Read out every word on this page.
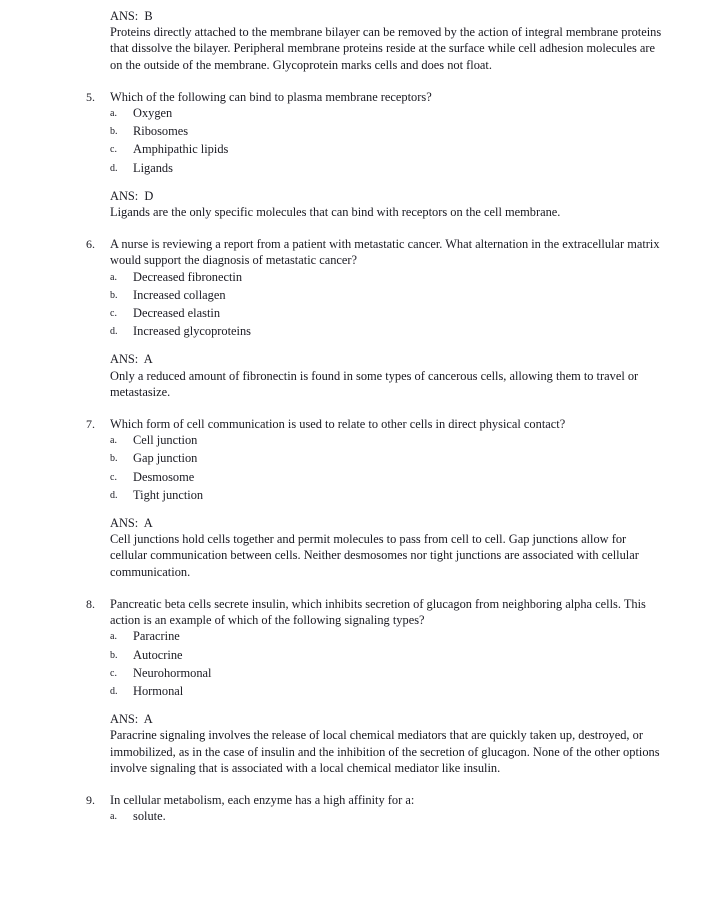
ANS:  B
Proteins directly attached to the membrane bilayer can be removed by the action of integral membrane proteins that dissolve the bilayer. Peripheral membrane proteins reside at the surface while cell adhesion molecules are on the outside of the membrane. Glycoprotein marks cells and does not float.
5.	Which of the following can bind to plasma membrane receptors?
a.	Oxygen
b.	Ribosomes
c.	Amphipathic lipids
d.	Ligands
ANS:  D
Ligands are the only specific molecules that can bind with receptors on the cell membrane.
6.	A nurse is reviewing a report from a patient with metastatic cancer. What alternation in the extracellular matrix would support the diagnosis of metastatic cancer?
a.	Decreased fibronectin
b.	Increased collagen
c.	Decreased elastin
d.	Increased glycoproteins
ANS:  A
Only a reduced amount of fibronectin is found in some types of cancerous cells, allowing them to travel or metastasize.
7.	Which form of cell communication is used to relate to other cells in direct physical contact?
a.	Cell junction
b.	Gap junction
c.	Desmosome
d.	Tight junction
ANS:  A
Cell junctions hold cells together and permit molecules to pass from cell to cell. Gap junctions allow for cellular communication between cells. Neither desmosomes nor tight junctions are associated with cellular communication.
8.	Pancreatic beta cells secrete insulin, which inhibits secretion of glucagon from neighboring alpha cells. This action is an example of which of the following signaling types?
a.	Paracrine
b.	Autocrine
c.	Neurohormonal
d.	Hormonal
ANS:  A
Paracrine signaling involves the release of local chemical mediators that are quickly taken up, destroyed, or immobilized, as in the case of insulin and the inhibition of the secretion of glucagon. None of the other options involve signaling that is associated with a local chemical mediator like insulin.
9.	In cellular metabolism, each enzyme has a high affinity for a:
a.	solute.
